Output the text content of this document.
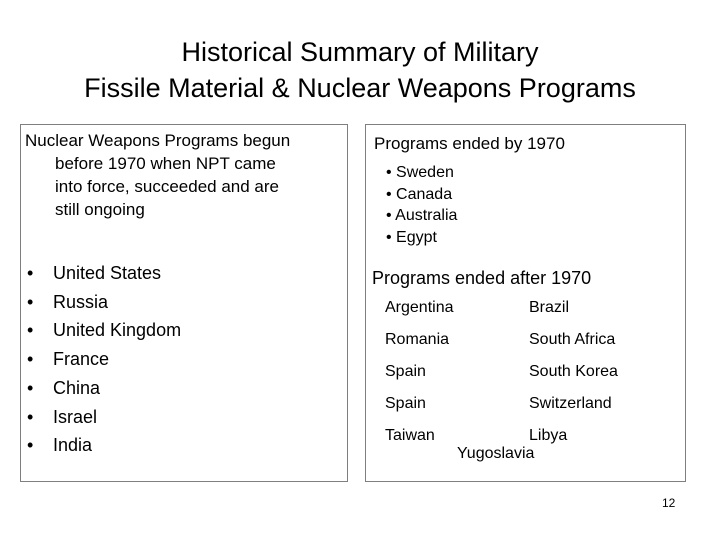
Historical Summary of Military
Fissile Material & Nuclear Weapons Programs
Nuclear Weapons Programs begun
before 1970 when NPT came
into force, succeeded and are
still ongoing
• United States
• Russia
• United Kingdom
• France
• China
• Israel
• India
Programs ended by 1970
• Sweden
• Canada
• Australia
• Egypt
Programs ended after 1970
Argentina	Brazil
Romania	South Africa
Spain	South Korea
Spain	Switzerland
Taiwan	Libya
Yugoslavia
12
